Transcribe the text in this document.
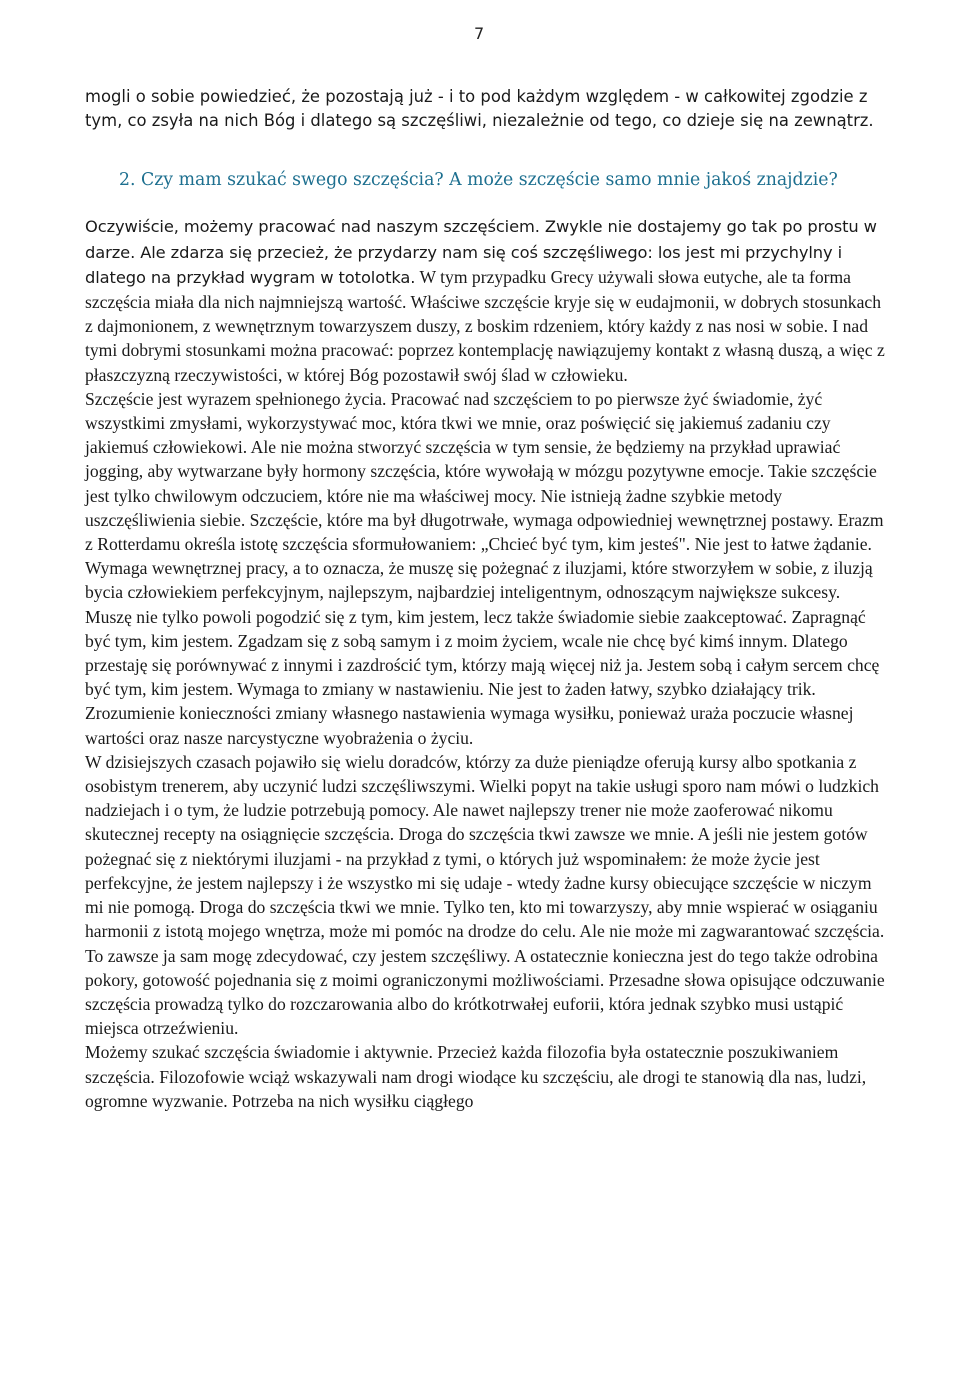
7

mogli o sobie powiedzieć, że pozostają już - i to pod każdym względem - w całkowitej zgodzie z tym, co zsyła na nich Bóg i dlatego są szczęśliwi, niezależnie od tego, co dzieje się na zewnątrz.

2. Czy mam szukać swego szczęścia? A może szczęście samo mnie jakoś znajdzie?

Oczywiście, możemy pracować nad naszym szczęściem. Zwykle nie dostajemy go tak po prostu w darze. Ale zdarza się przecież, że przydarzy nam się coś szczęśliwego: los jest mi przychylny i dlatego na przykład wygram w totolotka. W tym przypadku Grecy używali słowa eutyche, ale ta forma szczęścia miała dla nich najmniejszą wartość. Właściwe szczęście kryje się w eudajmonii, w dobrych stosunkach z dajmonionem, z wewnętrznym towarzyszem duszy, z boskim rdzeniem, który każdy z nas nosi w sobie. I nad tymi dobrymi stosunkami można pracować: poprzez kontemplację nawiązujemy kontakt z własną duszą, a więc z płaszczyzną rzeczywistości, w której Bóg pozostawił swój ślad w człowieku.

Szczęście jest wyrazem spełnionego życia. Pracować nad szczęściem to po pierwsze żyć świadomie, żyć wszystkimi zmysłami, wykorzystywać moc, która tkwi we mnie, oraz poświęcić się jakiemuś zadaniu czy jakiemuś człowiekowi. Ale nie można stworzyć szczęścia w tym sensie, że będziemy na przykład uprawiać jogging, aby wytwarzane były hormony szczęścia, które wywołają w mózgu pozytywne emocje. Takie szczęście jest tylko chwilowym odczuciem, które nie ma właściwej mocy. Nie istnieją żadne szybkie metody uszczęśliwienia siebie. Szczęście, które ma był długotrwałe, wymaga odpowiedniej wewnętrznej postawy. Erazm z Rotterdamu określa istotę szczęścia sformułowaniem: „Chcieć być tym, kim jesteś". Nie jest to łatwe żądanie. Wymaga wewnętrznej pracy, a to oznacza, że muszę się pożegnać z iluzjami, które stworzyłem w sobie, z iluzją bycia człowiekiem perfekcyjnym, najlepszym, najbardziej inteligentnym, odnoszącym największe sukcesy. Muszę nie tylko powoli pogodzić się z tym, kim jestem, lecz także świadomie siebie zaakceptować. Zapragnąć być tym, kim jestem. Zgadzam się z sobą samym i z moim życiem, wcale nie chcę być kimś innym. Dlatego przestaję się porównywać z innymi i zazdrościć tym, którzy mają więcej niż ja. Jestem sobą i całym sercem chcę być tym, kim jestem. Wymaga to zmiany w nastawieniu. Nie jest to żaden łatwy, szybko działający trik. Zrozumienie konieczności zmiany własnego nastawienia wymaga wysiłku, ponieważ uraża poczucie własnej wartości oraz nasze narcystyczne wyobrażenia o życiu.

W dzisiejszych czasach pojawiło się wielu doradców, którzy za duże pieniądze oferują kursy albo spotkania z osobistym trenerem, aby uczynić ludzi szczęśliwszymi. Wielki popyt na takie usługi sporo nam mówi o ludzkich nadziejach i o tym, że ludzie potrzebują pomocy. Ale nawet najlepszy trener nie może zaoferować nikomu skutecznej recepty na osiągnięcie szczęścia. Droga do szczęścia tkwi zawsze we mnie. A jeśli nie jestem gotów pożegnać się z niektórymi iluzjami - na przykład z tymi, o których już wspominałem: że może życie jest perfekcyjne, że jestem najlepszy i że wszystko mi się udaje - wtedy żadne kursy obiecujące szczęście w niczym mi nie pomogą. Droga do szczęścia tkwi we mnie. Tylko ten, kto mi towarzyszy, aby mnie wspierać w osiąganiu harmonii z istotą mojego wnętrza, może mi pomóc na drodze do celu. Ale nie może mi zagwarantować szczęścia. To zawsze ja sam mogę zdecydować, czy jestem szczęśliwy. A ostatecznie konieczna jest do tego także odrobina pokory, gotowość pojednania się z moimi ograniczonymi możliwościami. Przesadne słowa opisujące odczuwanie szczęścia prowadzą tylko do rozczarowania albo do krótkotrwałej euforii, która jednak szybko musi ustąpić miejsca otrzeźwieniu.

Możemy szukać szczęścia świadomie i aktywnie. Przecież każda filozofia była ostatecznie poszukiwaniem szczęścia. Filozofowie wciąż wskazywali nam drogi wiodące ku szczęściu, ale drogi te stanowią dla nas, ludzi, ogromne wyzwanie. Potrzeba na nich wysiłku ciągłego
